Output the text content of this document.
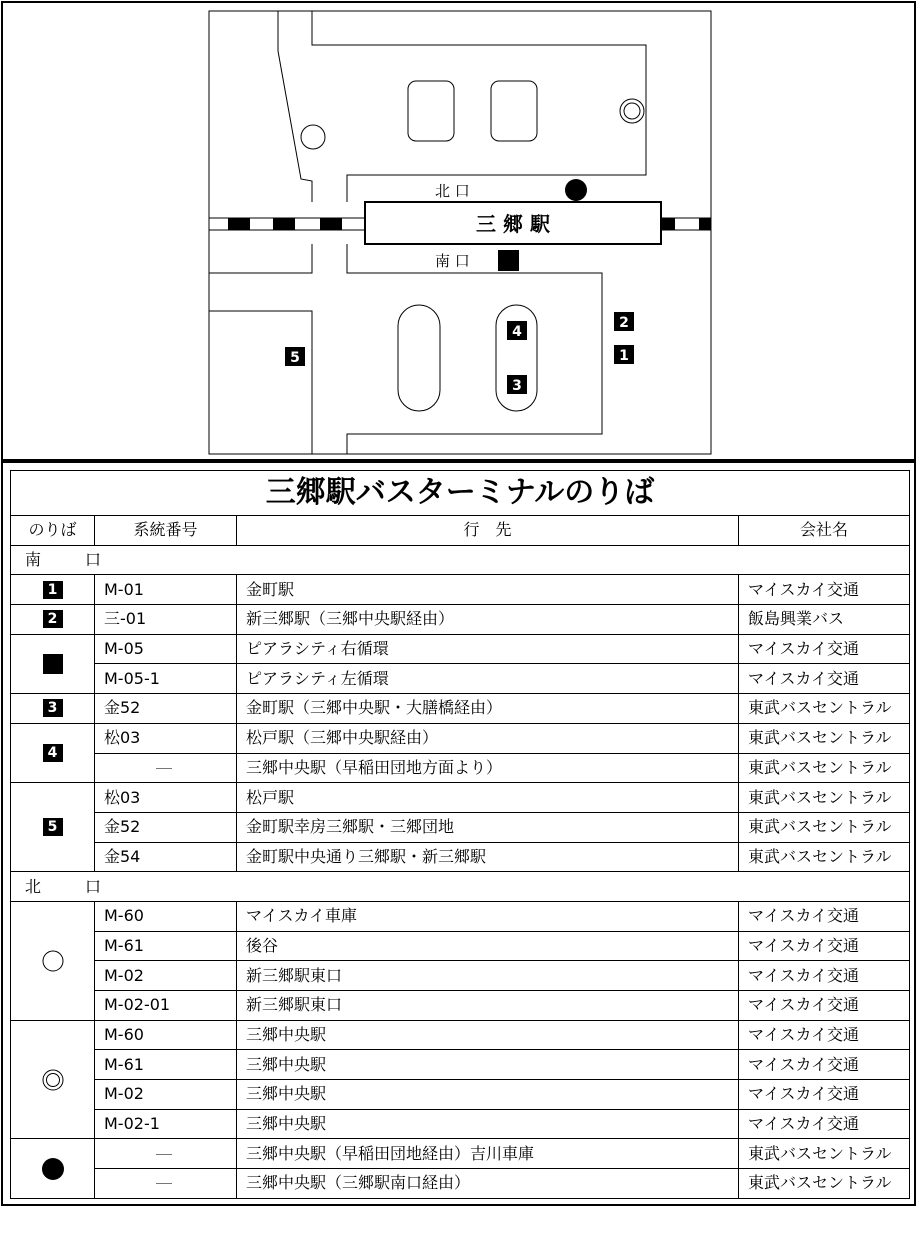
三 郷 駅
北 口
南 口
4
3
2
1
5
三郷駅バスターミナルのりば			
のりば	系統番号	行　先	会社名
南　口			
1	M-01	金町駅	マイスカイ交通
2	三-01	新三郷駅（三郷中央駅経由）	飯島興業バス
	M-05	ピアラシティ右循環	マイスカイ交通
	M-05-1	ピアラシティ左循環	マイスカイ交通
3	金52	金町駅（三郷中央駅・大膳橋経由）	東武バスセントラル
4	松03	松戸駅（三郷中央駅経由）	東武バスセントラル
		三郷中央駅（早稲田団地方面より）	東武バスセントラル
5	松03	松戸駅	東武バスセントラル
	金52	金町駅幸房三郷駅・三郷団地	東武バスセントラル
	金54	金町駅中央通り三郷駅・新三郷駅	東武バスセントラル
北　口			
	M-60	マイスカイ車庫	マイスカイ交通
	M-61	後谷	マイスカイ交通
	M-02	新三郷駅東口	マイスカイ交通
	M-02-01	新三郷駅東口	マイスカイ交通
	M-60	三郷中央駅	マイスカイ交通
	M-61	三郷中央駅	マイスカイ交通
	M-02	三郷中央駅	マイスカイ交通
	M-02-1	三郷中央駅	マイスカイ交通
		三郷中央駅（早稲田団地経由）吉川車庫	東武バスセントラル
		三郷中央駅（三郷駅南口経由）	東武バスセントラル
